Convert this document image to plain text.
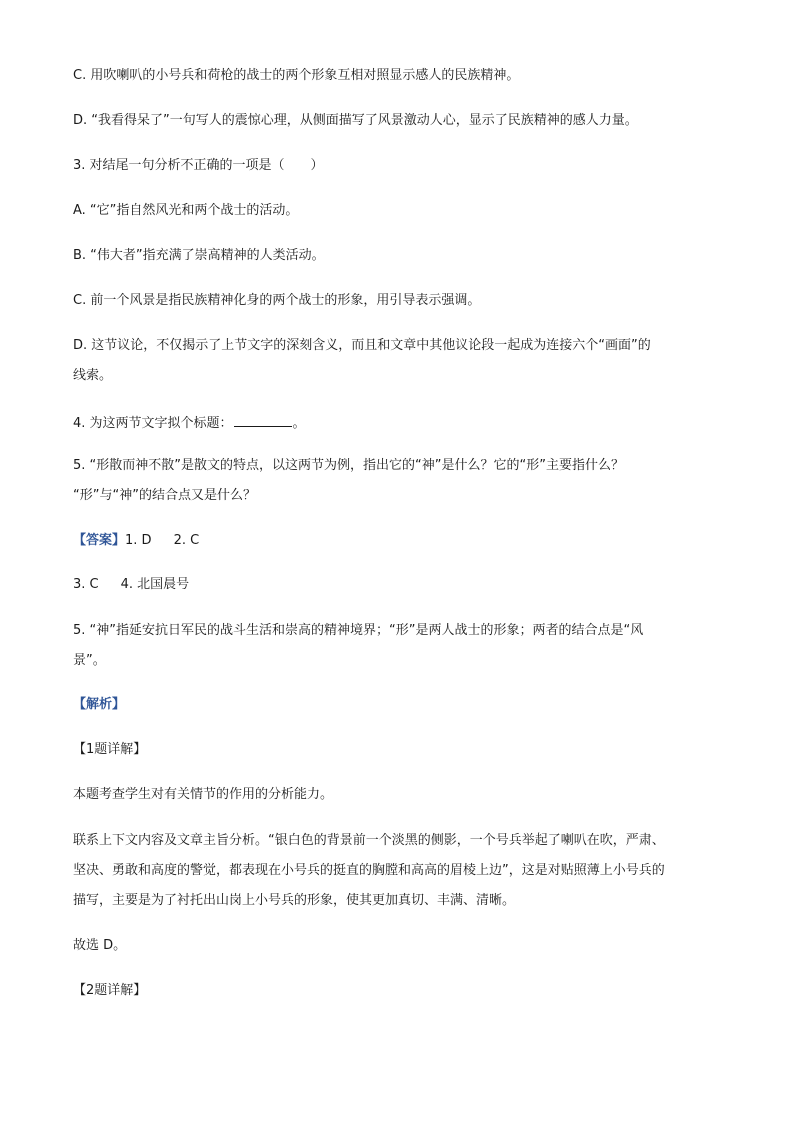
C. 用吹喇叭的小号兵和荷枪的战士的两个形象互相对照显示感人的民族精神。
D. “我看得呆了”一句写人的震惊心理，从侧面描写了风景激动人心，显示了民族精神的感人力量。
3. 对结尾一句分析不正确的一项是（　　）
A. “它”指自然风光和两个战士的活动。
B. “伟大者”指充满了崇高精神的人类活动。
C. 前一个风景是指民族精神化身的两个战士的形象，用引导表示强调。
D. 这节议论，不仅揭示了上节文字的深刻含义，而且和文章中其他议论段一起成为连接六个“画面”的
线索。
4. 为这两节文字拟个标题：	。
5. “形散而神不散”是散文的特点，以这两节为例，指出它的“神”是什么？它的“形”主要指什么？
“形”与“神”的结合点又是什么？
【答案】1. D 2. C
3. C 4. 北国晨号
5. “神”指延安抗日军民的战斗生活和崇高的精神境界；“形”是两人战士的形象；两者的结合点是“风
景”。
【解析】
【1题详解】
本题考查学生对有关情节的作用的分析能力。
联系上下文内容及文章主旨分析。“银白色的背景前一个淡黑的侧影，一个号兵举起了喇叭在吹，严肃、
坚决、勇敢和高度的警觉，都表现在小号兵的挺直的胸膛和高高的眉棱上边”，这是对贴照薄上小号兵的
描写，主要是为了衬托出山岗上小号兵的形象，使其更加真切、丰满、清晰。
故选 D。
【2题详解】
